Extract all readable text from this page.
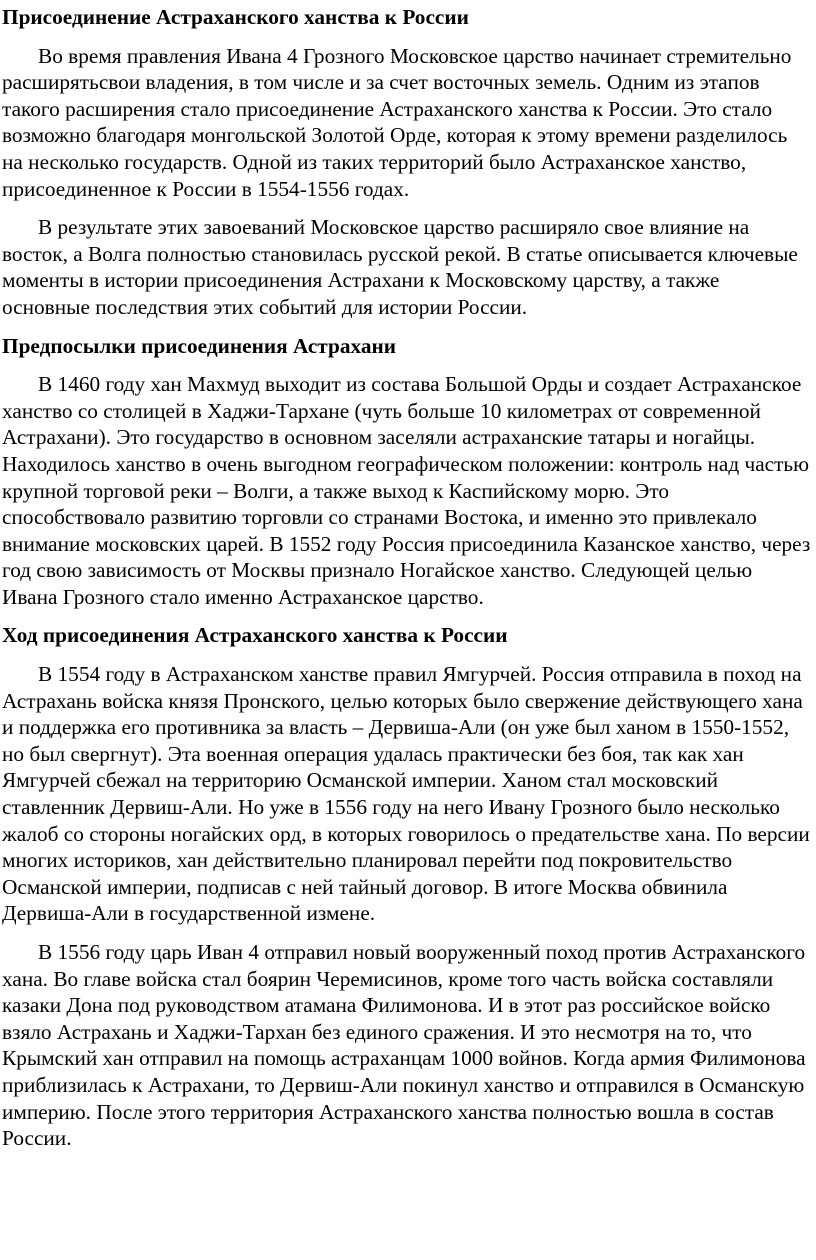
Присоединение Астраханского ханства к России

Во время правления Ивана 4 Грозного Московское царство начинает стремительно расширятьсвои владения, в том числе и за счет восточных земель. Одним из этапов такого расширения стало присоединение Астраханского ханства к России. Это стало возможно благодаря монгольской Золотой Орде, которая к этому времени разделилось на несколько государств. Одной из таких территорий было Астраханское ханство, присоединенное к России в 1554-1556 годах.

В результате этих завоеваний Московское царство расширяло свое влияние на восток, а Волга полностью становилась русской рекой. В статье описывается ключевые моменты в истории присоединения Астрахани к Московскому царству, а также основные последствия этих событий для истории России.

Предпосылки присоединения Астрахани

В 1460 году хан Махмуд выходит из состава Большой Орды и создает Астраханское ханство со столицей в Хаджи-Тархане (чуть больше 10 километрах от современной Астрахани). Это государство в основном заселяли астраханские татары и ногайцы. Находилось ханство в очень выгодном географическом положении: контроль над частью крупной торговой реки – Волги, а также выход к Каспийскому морю. Это способствовало развитию торговли со странами Востока, и именно это привлекало внимание московских царей. В 1552 году Россия присоединила Казанское ханство, через год свою зависимость от Москвы признало Ногайское ханство. Следующей целью Ивана Грозного стало именно Астраханское царство.

Ход присоединения Астраханского ханства к России

В 1554 году в Астраханском ханстве правил Ямгурчей. Россия отправила в поход на Астрахань войска князя Пронского, целью которых было свержение действующего хана и поддержка его противника за власть – Дервиша-Али (он уже был ханом в 1550-1552, но был свергнут). Эта военная операция удалась практически без боя, так как хан Ямгурчей сбежал на территорию Османской империи. Ханом стал московский ставленник Дервиш-Али. Но уже в 1556 году на него Ивану Грозного было несколько жалоб со стороны ногайских орд, в которых говорилось о предательстве хана. По версии многих историков, хан действительно планировал перейти под покровительство Османской империи, подписав с ней тайный договор. В итоге Москва обвинила Дервиша-Али в государственной измене.

В 1556 году царь Иван 4 отправил новый вооруженный поход против Астраханского хана. Во главе войска стал боярин Черемисинов, кроме того часть войска составляли казаки Дона под руководством атамана Филимонова. И в этот раз российское войско взяло Астрахань и Хаджи-Тархан без единого сражения. И это несмотря на то, что Крымский хан отправил на помощь астраханцам 1000 войнов. Когда армия Филимонова приблизилась к Астрахани, то Дервиш-Али покинул ханство и отправился в Османскую империю. После этого территория Астраханского ханства полностью вошла в состав России.
